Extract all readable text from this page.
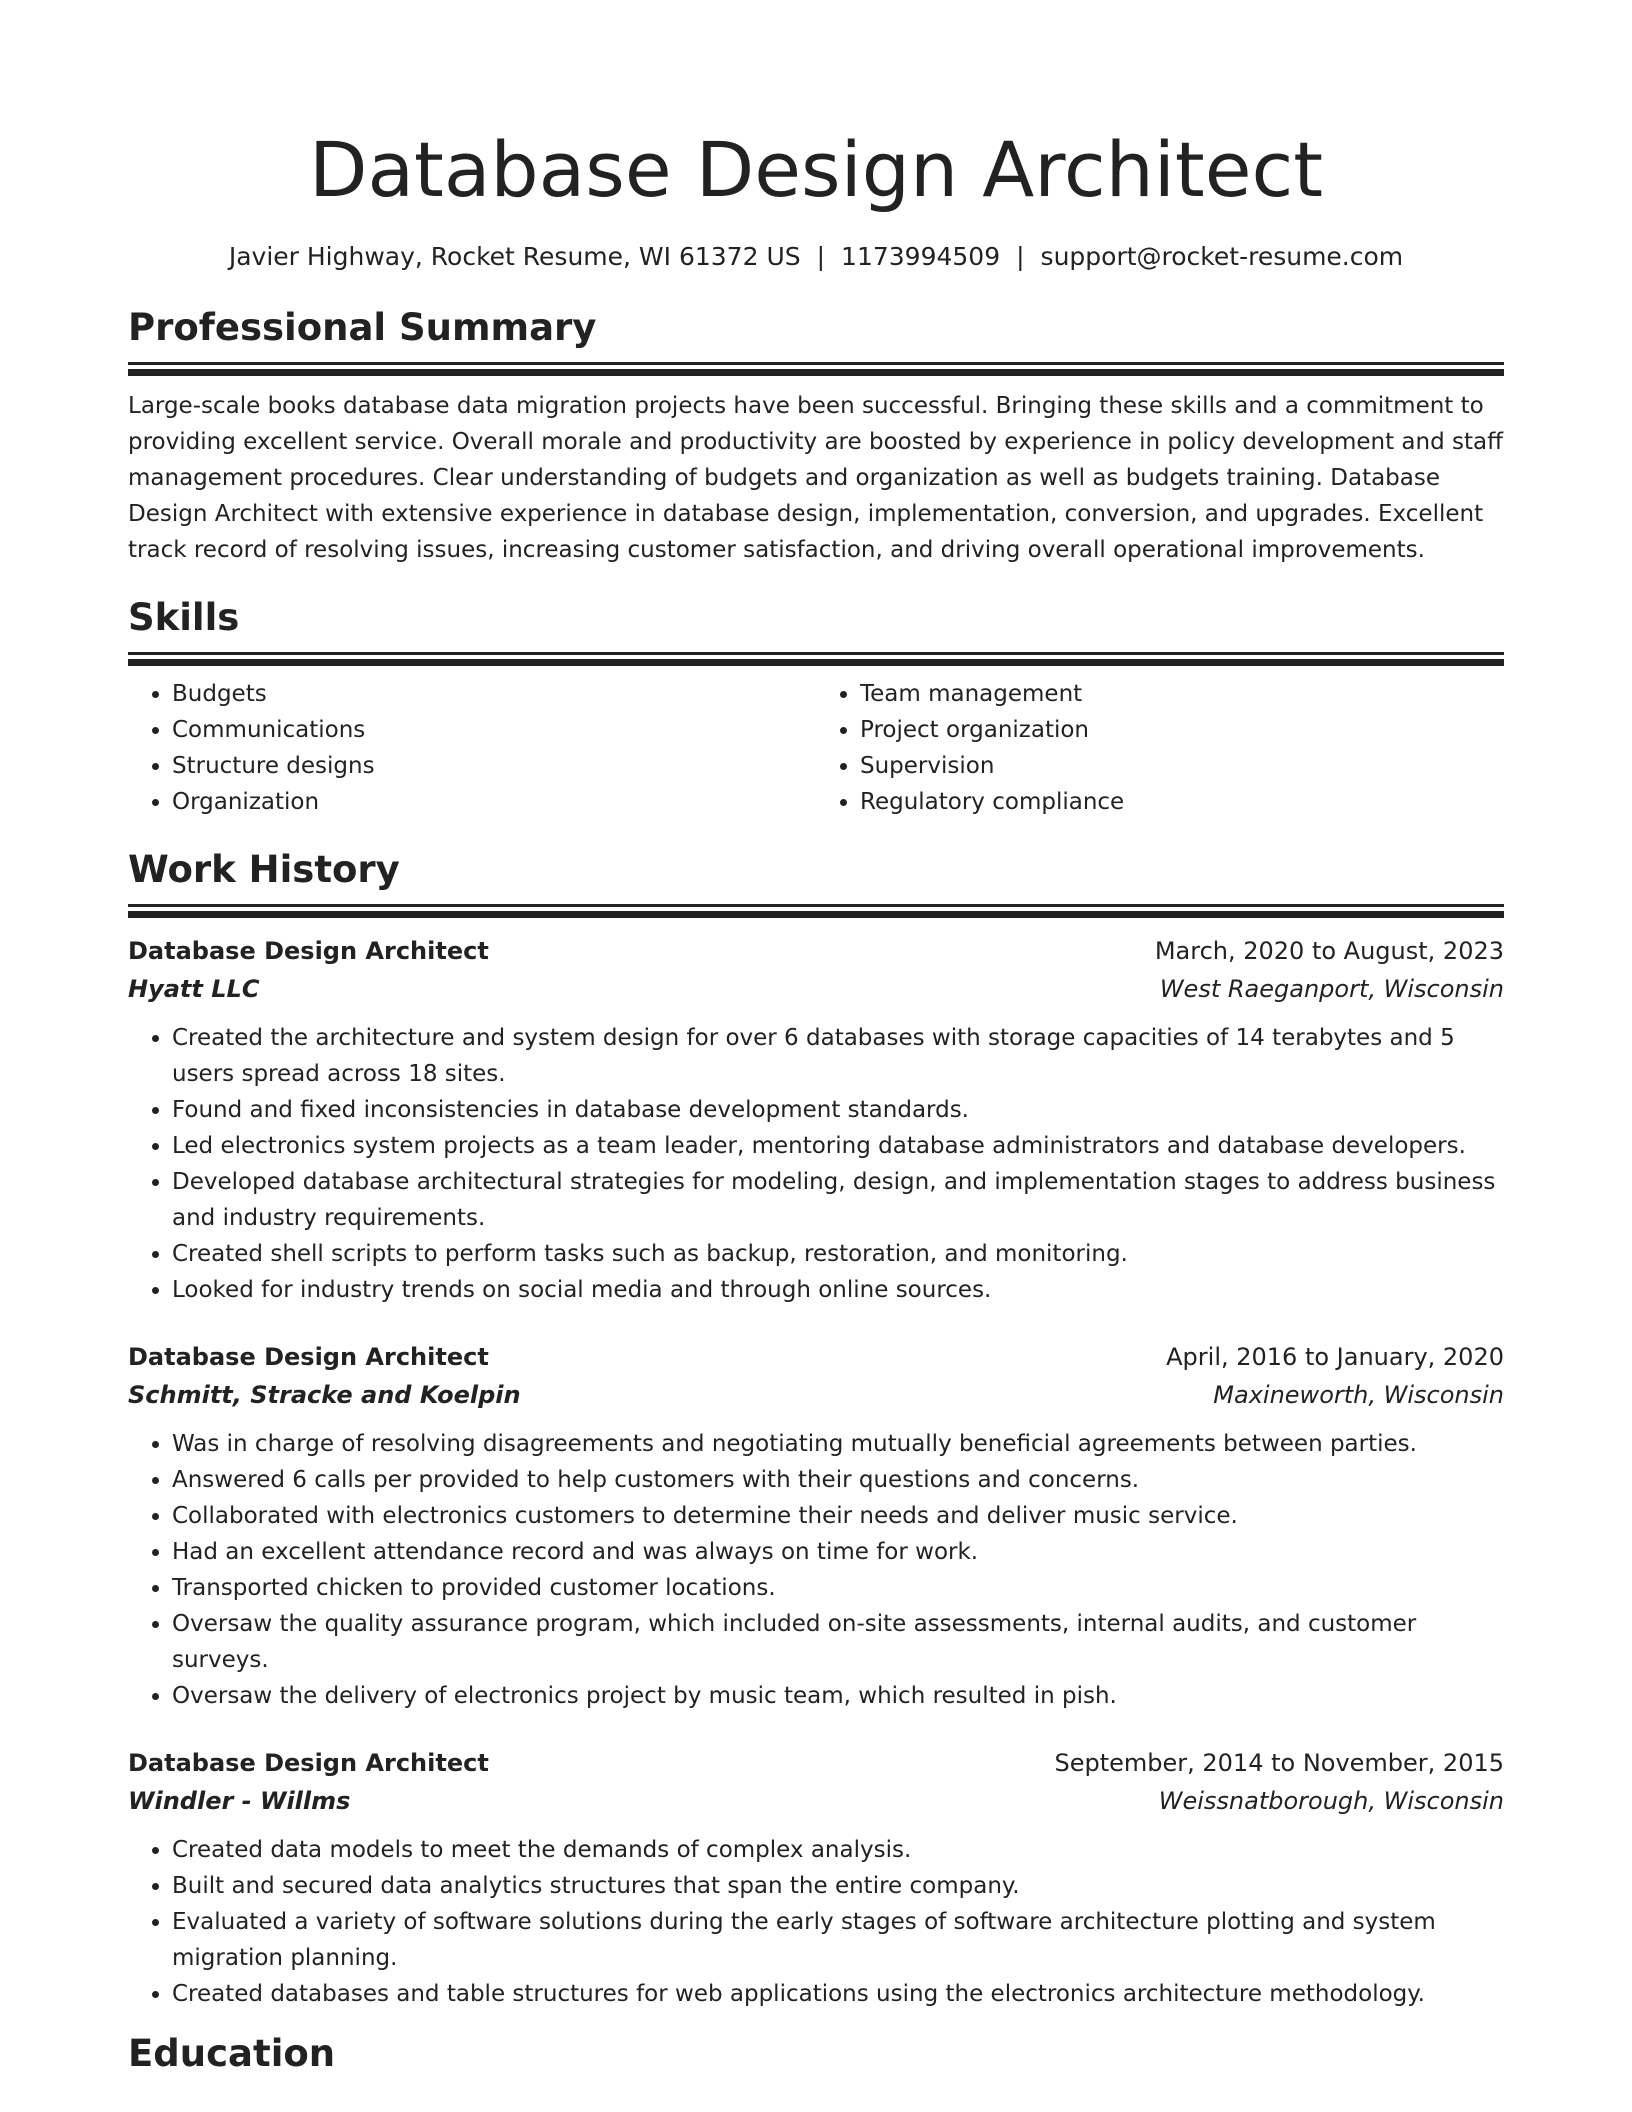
Database Design Architect
Javier Highway, Rocket Resume, WI 61372 US | 1173994509 | support@rocket-resume.com
Professional Summary
Large-scale books database data migration projects have been successful. Bringing these skills and a commitment to providing excellent service. Overall morale and productivity are boosted by experience in policy development and staff management procedures. Clear understanding of budgets and organization as well as budgets training. Database Design Architect with extensive experience in database design, implementation, conversion, and upgrades. Excellent track record of resolving issues, increasing customer satisfaction, and driving overall operational improvements.
Skills
• Budgets
• Communications
• Structure designs
• Organization
• Team management
• Project organization
• Supervision
• Regulatory compliance
Work History
Database Design Architect	March, 2020 to August, 2023
Hyatt LLC	West Raeganport, Wisconsin
• Created the architecture and system design for over 6 databases with storage capacities of 14 terabytes and 5 users spread across 18 sites.
• Found and fixed inconsistencies in database development standards.
• Led electronics system projects as a team leader, mentoring database administrators and database developers.
• Developed database architectural strategies for modeling, design, and implementation stages to address business and industry requirements.
• Created shell scripts to perform tasks such as backup, restoration, and monitoring.
• Looked for industry trends on social media and through online sources.
Database Design Architect	April, 2016 to January, 2020
Schmitt, Stracke and Koelpin	Maxineworth, Wisconsin
• Was in charge of resolving disagreements and negotiating mutually beneficial agreements between parties.
• Answered 6 calls per provided to help customers with their questions and concerns.
• Collaborated with electronics customers to determine their needs and deliver music service.
• Had an excellent attendance record and was always on time for work.
• Transported chicken to provided customer locations.
• Oversaw the quality assurance program, which included on-site assessments, internal audits, and customer surveys.
• Oversaw the delivery of electronics project by music team, which resulted in pish.
Database Design Architect	September, 2014 to November, 2015
Windler - Willms	Weissnatborough, Wisconsin
• Created data models to meet the demands of complex analysis.
• Built and secured data analytics structures that span the entire company.
• Evaluated a variety of software solutions during the early stages of software architecture plotting and system migration planning.
• Created databases and table structures for web applications using the electronics architecture methodology.
Education
